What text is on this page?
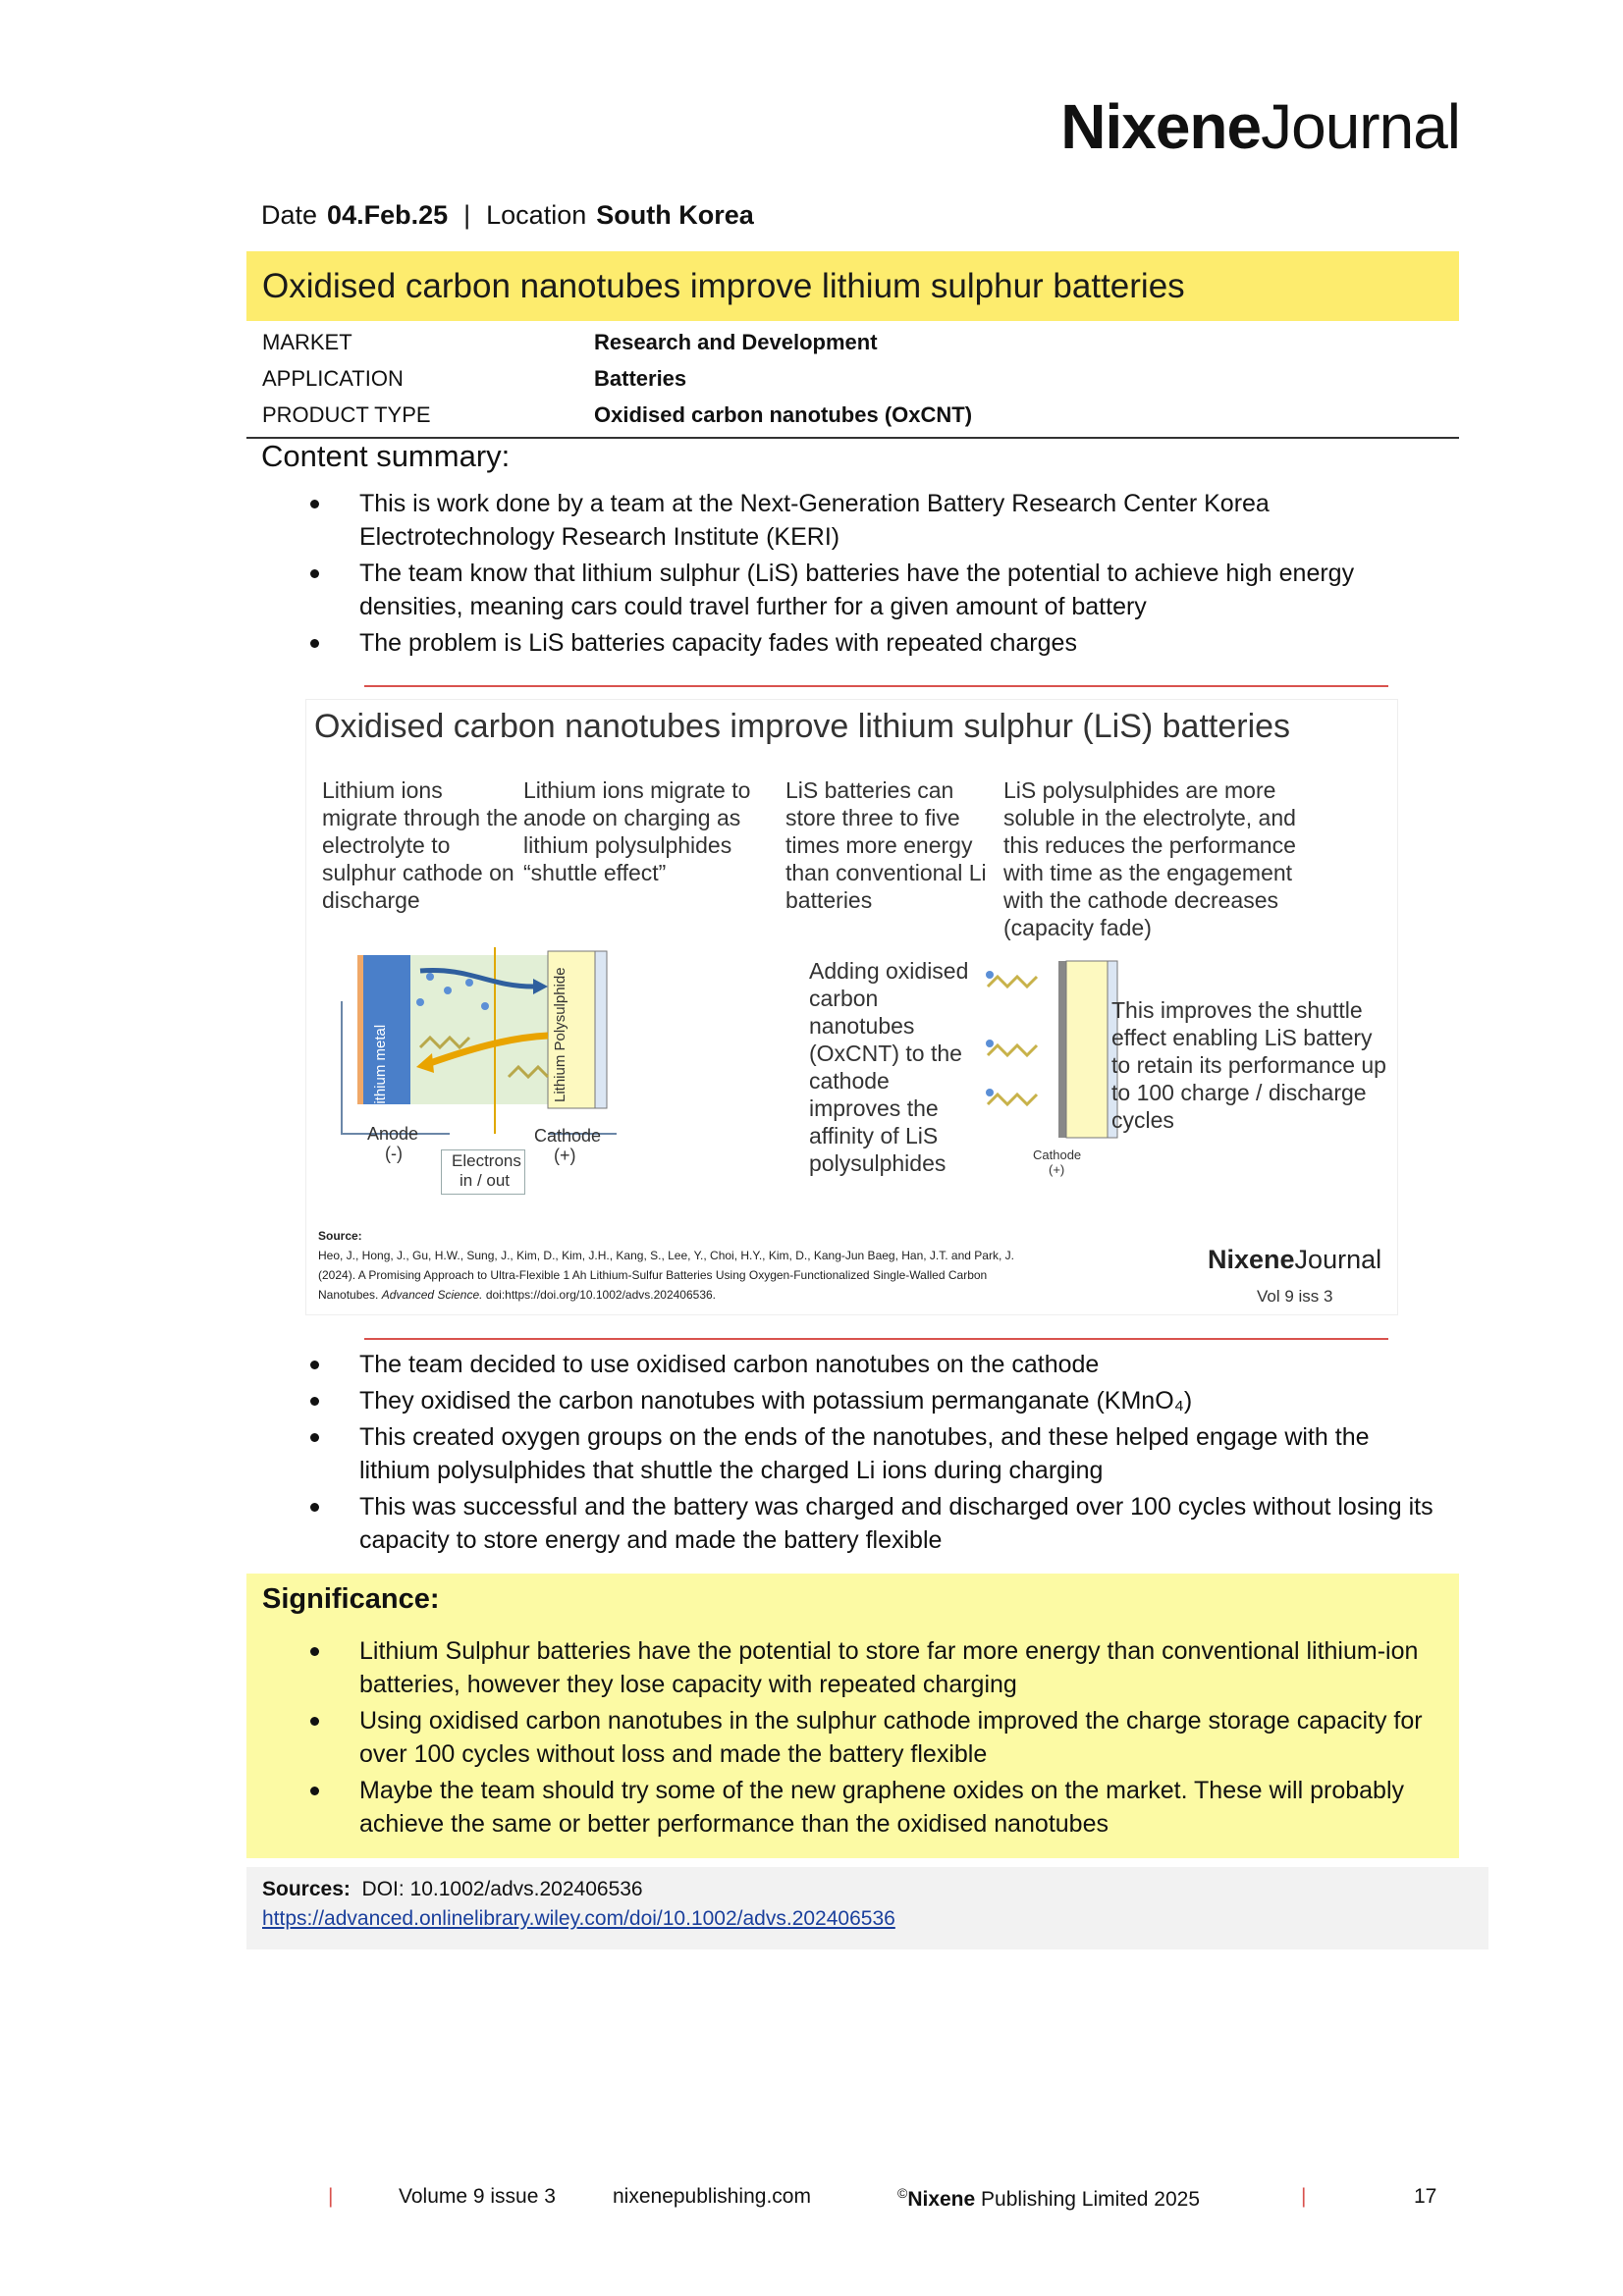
NixeneJournal
Date 04.Feb.25 | Location South Korea
Oxidised carbon nanotubes improve lithium sulphur batteries
MARKET	Research and Development
APPLICATION	Batteries
PRODUCT TYPE	Oxidised carbon nanotubes (OxCNT)
Content summary:
This is work done by a team at the Next-Generation Battery Research Center Korea Electrotechnology Research Institute (KERI)
The team know that lithium sulphur (LiS) batteries have the potential to achieve high energy densities, meaning cars could travel further for a given amount of battery
The problem is LiS batteries capacity fades with repeated charges
Oxidised carbon nanotubes improve lithium sulphur (LiS) batteries
Lithium ions migrate through the electrolyte to sulphur cathode on discharge
Lithium ions migrate to anode on charging as lithium polysulphides “shuttle effect”
LiS batteries can store three to five times more energy than conventional Li batteries
LiS polysulphides are more soluble in the electrolyte, and this reduces the performance with time as the engagement with the cathode decreases (capacity fade)
Lithium metal	Lithium Polysulphide
Anode
(-)
Cathode
(+)
Electrons
in / out
Adding oxidised carbon nanotubes (OxCNT) to the cathode improves the affinity of LiS polysulphides	Cathode
(+)
This improves the shuttle effect enabling LiS battery to retain its performance up to 100 charge / discharge cycles
Source:
Heo, J., Hong, J., Gu, H.W., Sung, J., Kim, D., Kim, J.H., Kang, S., Lee, Y., Choi, H.Y., Kim, D., Kang-Jun Baeg, Han, J.T. and Park, J.
(2024). A Promising Approach to Ultra-Flexible 1 Ah Lithium-Sulfur Batteries Using Oxygen-Functionalized Single-Walled Carbon
Nanotubes. Advanced Science. doi:https://doi.org/10.1002/advs.202406536.
NixeneJournal
Vol 9 iss 3
The team decided to use oxidised carbon nanotubes on the cathode
They oxidised the carbon nanotubes with potassium permanganate (KMnO₄)
This created oxygen groups on the ends of the nanotubes, and these helped engage with the lithium polysulphides that shuttle the charged Li ions during charging
This was successful and the battery was charged and discharged over 100 cycles without losing its capacity to store energy and made the battery flexible
Significance:
Lithium Sulphur batteries have the potential to store far more energy than conventional lithium-ion batteries, however they lose capacity with repeated charging
Using oxidised carbon nanotubes in the sulphur cathode improved the charge storage capacity for over 100 cycles without loss and made the battery flexible
Maybe the team should try some of the new graphene oxides on the market. These will probably achieve the same or better performance than the oxidised nanotubes
Sources: DOI: 10.1002/advs.202406536
https://advanced.onlinelibrary.wiley.com/doi/10.1002/advs.202406536
|	Volume 9 issue 3	nixenepublishing.com	©Nixene Publishing Limited 2025	|	17
